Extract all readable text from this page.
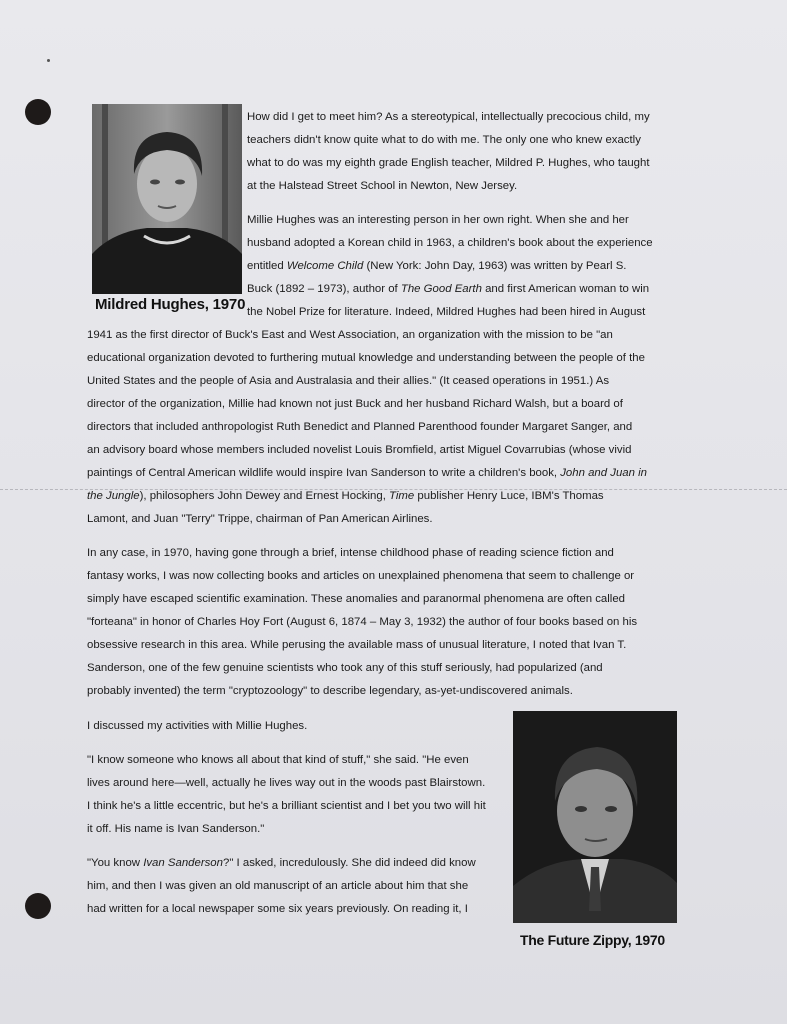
Mildred Hughes, 1970
The Future Zippy, 1970
How did I get to meet him? As a stereotypical, intellectually precocious child, my
teachers didn't know quite what to do with me. The only one who knew exactly
what to do was my eighth grade English teacher, Mildred P. Hughes, who taught
at the Halstead Street School in Newton, New Jersey.
Millie Hughes was an interesting person in her own right. When she and her
husband adopted a Korean child in 1963, a children's book about the experience
entitled Welcome Child (New York: John Day, 1963) was written by Pearl S.
Buck (1892 – 1973), author of The Good Earth and first American woman to win
the Nobel Prize for literature. Indeed, Mildred Hughes had been hired in August
1941 as the first director of Buck's East and West Association, an organization with the mission to be "an
educational organization devoted to furthering mutual knowledge and understanding between the people of the
United States and the people of Asia and Australasia and their allies." (It ceased operations in 1951.) As
director of the organization, Millie had known not just Buck and her husband Richard Walsh, but a board of
directors that included anthropologist Ruth Benedict and Planned Parenthood founder Margaret Sanger, and
an advisory board whose members included novelist Louis Bromfield, artist Miguel Covarrubias (whose vivid
paintings of Central American wildlife would inspire Ivan Sanderson to write a children's book, John and Juan in
the Jungle), philosophers John Dewey and Ernest Hocking, Time publisher Henry Luce, IBM's Thomas
Lamont, and Juan "Terry" Trippe, chairman of Pan American Airlines.
In any case, in 1970, having gone through a brief, intense childhood phase of reading science fiction and
fantasy works, I was now collecting books and articles on unexplained phenomena that seem to challenge or
simply have escaped scientific examination. These anomalies and paranormal phenomena are often called
"forteana" in honor of Charles Hoy Fort (August 6, 1874 – May 3, 1932) the author of four books based on his
obsessive research in this area. While perusing the available mass of unusual literature, I noted that Ivan T.
Sanderson, one of the few genuine scientists who took any of this stuff seriously, had popularized (and
probably invented) the term "cryptozoology" to describe legendary, as-yet-undiscovered animals.
I discussed my activities with Millie Hughes.
"I know someone who knows all about that kind of stuff," she said. "He even
lives around here—well, actually he lives way out in the woods past Blairstown.
I think he's a little eccentric, but he's a brilliant scientist and I bet you two will hit
it off. His name is Ivan Sanderson."
"You know Ivan Sanderson?" I asked, incredulously. She did indeed did know
him, and then I was given an old manuscript of an article about him that she
had written for a local newspaper some six years previously. On reading it, I
